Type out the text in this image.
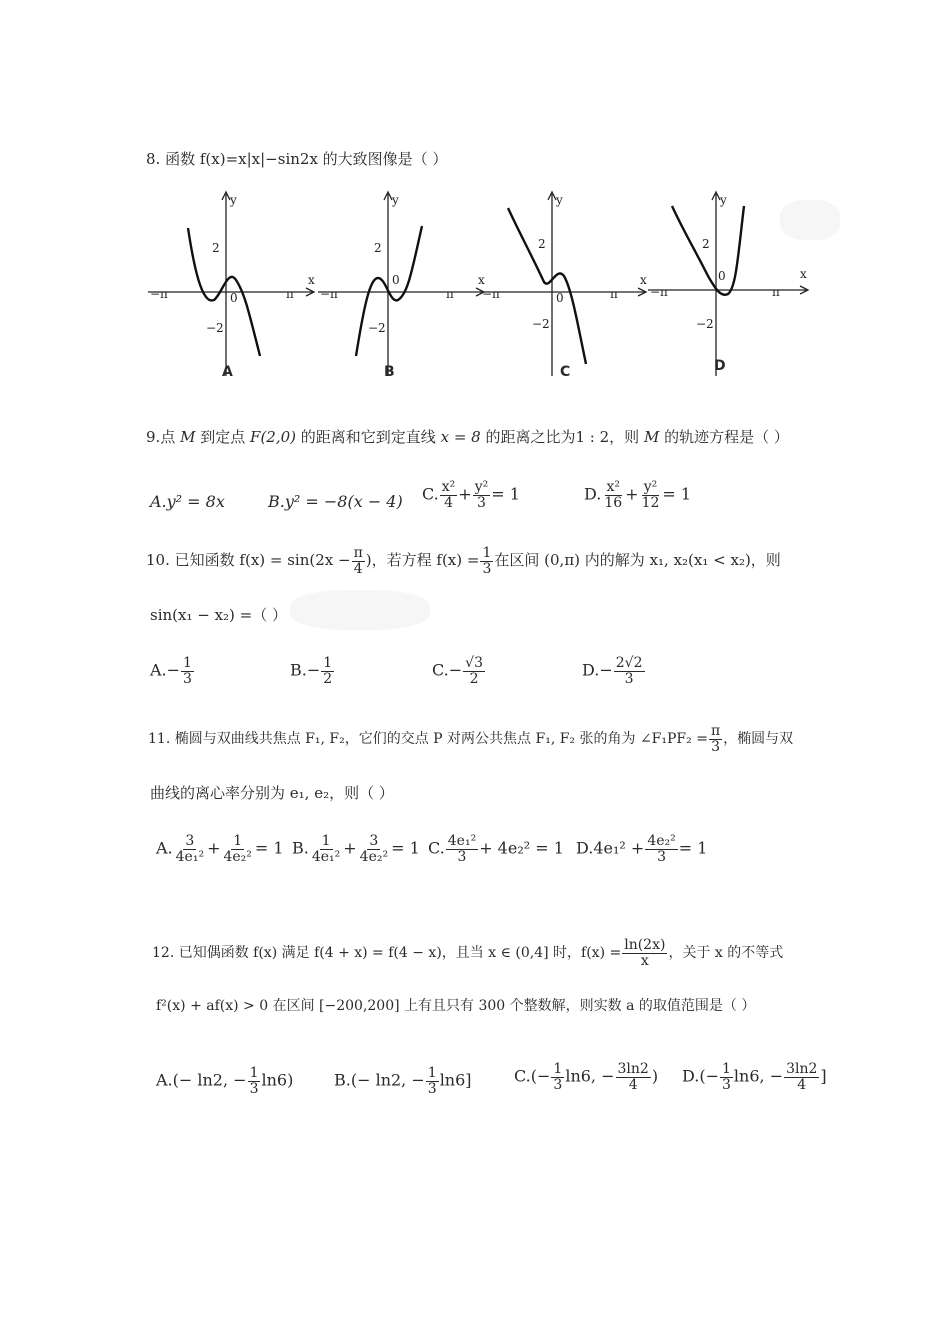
8. 函数 f(x)=x|x|−sin2x 的大致图像是（ ）
x
y
−π	π
2
−2
0
A
x
y
−π	π
2
−2
0
B
x
y
−π	π
2
−2
0
C
x
y
−π	π
2
−2
0
D
9.点 M 到定点 F(2,0) 的距离和它到定直线 x = 8 的距离之比为1 : 2，则 M 的轨迹方程是（ ）
A.y² = 8x	B.y² = −8(x − 4) C. $\frac{\text{x²}}{4} + \frac{\text{y²}}{3} = 1$	D. $\frac{\text{x²}}{16} + \frac{\text{y²}}{12} = 1$
10. 已知函数 $f(x) = \sin(2x - \frac{\pi}{4}$ )，若方程 $f(x) = \frac{1}{3}$ 在区间 (0,π) 内的解为 x₁, x₂(x₁ < x₂)，则
sin(x₁ − x₂) =（ ）
$A.- \frac{1}{3}$	$B.- \frac{1}{2}$	$C.- \frac{√3}{2}$	$D.- \frac{2√2}{3}$
11. 椭圆与双曲线共焦点 F₁, F₂，它们的交点 P 对两公共焦点 F₁, F₂ 张的角为 ∠F₁PF₂ = $\frac{\pi}{3}$ ，椭圆与双
曲线的离心率分别为 e₁, e₂，则（ ）
A. $\frac{3}{\text{4e₁²}} + \frac{1}{\text{4e₂²}} = 1$ B. $\frac{1}{\text{4e₁²}} + \frac{3}{\text{4e₂²}} = 1$ C. $\frac{\text{4e₁²}}{3} + 4e_2^2 = 1$ $D.4e_1^2 + \frac{\text{4e₂²}}{3} = 1$
12. 已知偶函数 f(x) 满足 f(4 + x) = f(4 − x)，且当 x ∈ (0,4] 时，$f(x) = \frac{\ln(2x)}{x}$ ，关于 x 的不等式
f²(x) + af(x) > 0 在区间 [−200,200] 上有且只有 300 个整数解，则实数 a 的取值范围是（ ）
A.(− ln2, − $\frac{1}{3} \ln 6$)	B.(− ln2, − $\frac{1}{3} \ln 6$]	$C.(- \frac{1}{3} \ln 6$, − $\frac{3\ln 2}{4}$ ) $D.(- \frac{1}{3} \ln 6$, − $\frac{3\ln 2}{4}$ ]
